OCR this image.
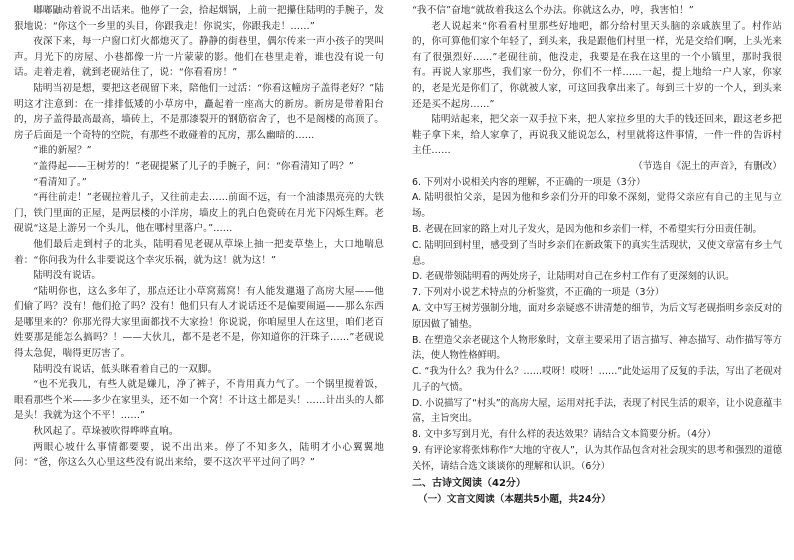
嘟嘟鼬动着说不出话来。他停了一会，拾起烟锅，上前一把攥住陆明的手腕子，发狠地说：“你这个一乡里的头目，你跟我走！你说实，你跟我走！……”

夜深下来，每一户窗口灯火都熄灭了。静静的街巷里，偶尔传来一声小孩子的哭叫声。月光下的房屋、小巷都像一片一片蒙蒙的影。他们在巷里走着，谁也没有说一句话。走着走着，就到老砚站住了，说：“你看看房！”

陆明当初是想，要把这老砚留下来，陪他们一过活：“你看这幢房子盖得老好？”陆明这才注意到：在一排排低矮的小草房中，矗起着一座高大的新房。新房是带着阳台的，房子盖得最高最高，墙砖上，不是那漆裂开的钢筋宿舍了，也不是阁楼的高顶了。房子后面是一个奇特的空院，有那些不敢碰着的瓦房，那么幽暗的……

“谁的新屋？”

“盖得起——王树芳的！”老砚提紧了儿子的手腕子，问：“你看清知了吗？”

“看清知了。”

“再往前走！”老砚拉着儿子，又往前走去……前面不远，有一个油漆黑亮亮的大铁门，铁门里面的正屋，是两层楼的小洋房，墙皮上的乳白色瓷砖在月光下闪烁生辉。老砚说“这是上游另一个头儿，他在哪村里落户。”……

他们最后走到村子的北头，陆明看见老砚从草垛上抽一把麦草垫上，大口地喘息着：“你问我为什么非要说这个幸灾乐祸，就为这！就为这！”

陆明没有说话。

“陆明你也，这么多年了，那点还让小草窝蔫窝！有人能发邋遢了高房大屋——他们偷了吗？没有！他们抢了吗？没有！他们只有人才说话还不是偏要闹逼——那么东西是哪里来的？你那光得大家里面都找不大家捡！你说说，你咱屋里人在这里，咱们老百姓要那是能怎么搞吗？！——大伙儿，都不是老不是，你知道你的汗珠子……”老砚说得太急促，喘得更厉害了。

陆明没有说话，低头眯看着自己的一双脚。

“也不光我儿，有些人就是嫌儿，净了裤子，不肯用真力气了。一个锅里搅着饭，眼看那些个米——多少在家里头，还不如一个窝！不计这土都是头！……计出头的人都是头！我就为这个不平！……”

秋风起了。草垛被吹得哗哗直响。

两眼心坡什么事情都要要，说不出出来。停了不知多久，陆明才小心翼翼地问：“爸，你这么久心里这些没有说出来给，要不这次平平过问了吗？”

“我不信”奋地“就故着我这么个办法。你就这么办，哼，我害怕！”

老人说起来“你看看村里那些好地吧，都分给村里天头脑的亲戚族里了。村作站的，你可算他们家个年轻了，到头来，我是跟他们村里一样，光是交给们啊，上头光来有了很强烈好……”老砚往前，他没走，我要是在我在这里的一个小镇里，那时我很有。再说人家那些，我们家一份分，你们不一样……一起，提上地给一户人家，你家的，老是光是你们了，你就被人家，可这回我拿出来了。每到三十岁的一个人，到头来还是买不起房……”

陆明站起来，把父亲一双手拉下来，把人家拉乡里的大手的钱还回来，跟这老乡把鞋子拿下来，给人家拿了，再说我又能说怎么，村里就将这件事情，一件一件的告诉村主任……

（节选自《泥土的声音》，有删改）

6. 下列对小说相关内容的理解，不正确的一项是（3分）

A. 陆明很怕父亲，是因为他和乡亲们分开的印象不深刻，觉得父亲应有自己的主见与立场。

B. 老砚在回家的路上对儿子发火，是因为他和乡亲们一样，不希望实行分田责任制。

C. 陆明回到村里，感受到了当时乡亲们在新政策下的真实生活现状，又使文章富有乡土气息。

D. 老砚带领陆明看的两处房子，让陆明对自己在乡村工作有了更深刻的认识。

7. 下列对小说艺术特点的分析鉴赏，不正确的一项是（3分）

A. 文中写王树芳强制分地，面对乡亲疑惑不讲清楚的细节，为后文写老砚指明乡亲反对的原因做了铺垫。

B. 在塑造父亲老砚这个人物形象时，文章主要采用了语言描写、神态描写、动作描写等方法，使人物性格鲜明。

C. “我为什么？我为什么？……哎呀！哎呀！……”此处运用了反复的手法，写出了老砚对儿子的气愤。

D. 小说描写了“村头”的高房大屋，运用对托手法，表现了村民生活的艰辛，让小说意蕴丰富，主旨突出。

8. 文中多写到月光，有什么样的表达效果？请结合文本简要分析。（4分）

9. 有评论家将张炜称作“大地的守夜人”，认为其作品包含对社会现实的思考和强烈的道德关怀，请结合选文谈谈你的理解和认识。（6分）

二、古诗文阅读（42分）

（一）文言文阅读（本题共5小题，共24分）
